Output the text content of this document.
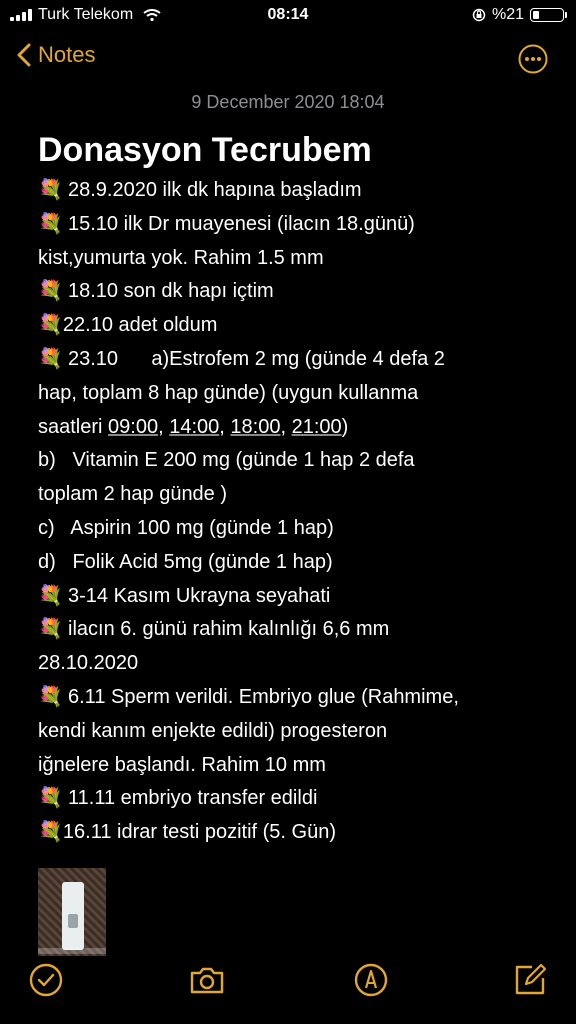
Turk Telekom	08:14	%21
Notes
9 December 2020 18:04
Donasyon Tecrubem
💐 28.9.2020 ilk dk hapına başladım
💐 15.10 ilk Dr muayenesi (ilacın 18.günü)
kist,yumurta yok. Rahim 1.5 mm
💐 18.10 son dk hapı içtim
💐22.10 adet oldum
💐 23.10      a)Estrofem 2 mg (günde 4 defa 2
hap, toplam 8 hap günde) (uygun kullanma
saatleri 09:00, 14:00, 18:00, 21:00)
b)   Vitamin E 200 mg (günde 1 hap 2 defa
toplam 2 hap günde )
c)   Aspirin 100 mg (günde 1 hap)
d)   Folik Acid 5mg (günde 1 hap)
💐 3-14 Kasım Ukrayna seyahati
💐 ilacın 6. günü rahim kalınlığı 6,6 mm
28.10.2020
💐 6.11 Sperm verildi. Embriyo glue (Rahmime,
kendi kanım enjekte edildi) progesteron
iğnelere başlandı. Rahim 10 mm
💐 11.11 embriyo transfer edildi
💐16.11 idrar testi pozitif (5. Gün)
